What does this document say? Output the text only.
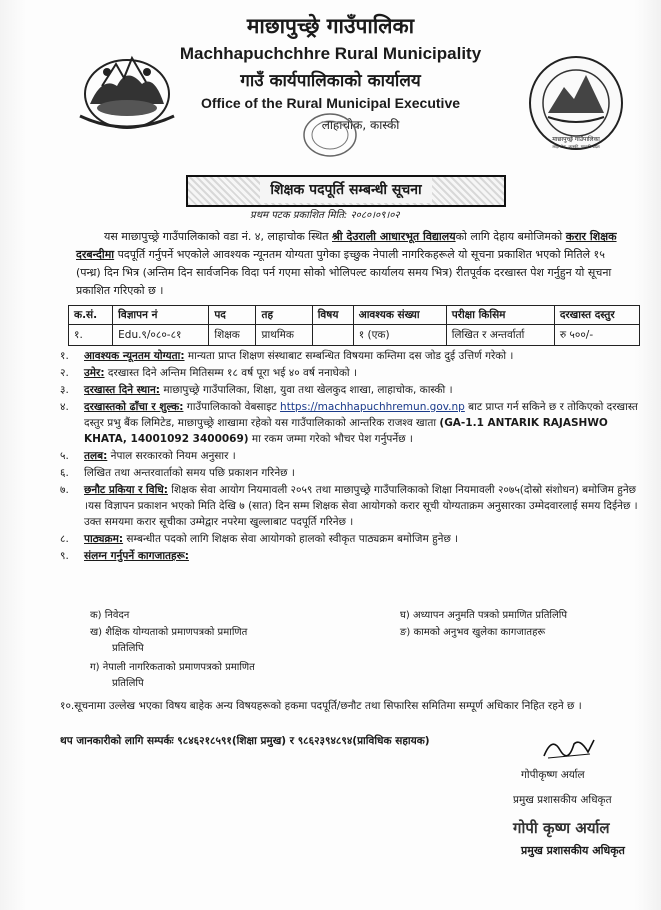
माछापुच्छ्रे गाउँपालिका
लाहाचोक, कास्की, गण्डकी प्रदेश
माछापुच्छ्रे गाउँपालिका
Machhapuchchhre Rural Municipality
गाउँ कार्यपालिकाको कार्यालय
Office of the Rural Municipal Executive
लाहाचोक, कास्की
शिक्षक पदपूर्ति सम्बन्धी सूचना
प्रथम पटक प्रकाशित मिति: २०८०।०९।०२
यस माछापुच्छ्रे गाउँपालिकाको वडा नं. ४, लाहाचोक स्थित श्री देउराली आधारभूत विद्यालयको लागि देहाय बमोजिमको करार शिक्षक दरबन्दीमा पदपूर्ति गर्नुपर्ने भएकोले आवश्यक न्यूनतम योग्यता पुगेका इच्छुक नेपाली नागरिकहरूले यो सूचना प्रकाशित भएको मितिले १५ (पन्ध्र) दिन भित्र (अन्तिम दिन सार्वजनिक विदा पर्न गएमा सोको भोलिपल्ट कार्यालय समय भित्र) रीतपूर्वक दरखास्त पेश गर्नुहुन यो सूचना प्रकाशित गरिएको छ ।
क.सं.	विज्ञापन नं	पद	तह	विषय	आवश्यक संख्या	परीक्षा किसिम	दरखास्त दस्तुर
१.	Edu.९/०८०-८१	शिक्षक	प्राथमिक		१ (एक)	लिखित र अन्तर्वार्ता	रु ५००/-
१. आवश्यक न्यूनतम योग्यता: मान्यता प्राप्त शिक्षण संस्थाबाट सम्बन्धित विषयमा कम्तिमा दस जोड दुई उत्तिर्ण गरेको ।
२. उमेर: दरखास्त दिने अन्तिम मितिसम्म १८ वर्ष पूरा भई ४० वर्ष ननाघेको ।
३. दरखास्त दिने स्थान: माछापुच्छ्रे गाउँपालिका, शिक्षा, युवा तथा खेलकुद शाखा, लाहाचोक, कास्की ।
४. दरखास्तको ढाँचा र शुल्क: गाउँपालिकाको वेबसाइट https://machhapuchhremun.gov.np बाट प्राप्त गर्न सकिने छ र तोकिएको दरखास्त दस्तुर प्रभु बैंक लिमिटेड, माछापुच्छ्रे शाखामा रहेको यस गाउँपालिकाको आन्तरिक राजश्व खाता (GA-1.1 ANTARIK RAJASHWO KHATA, 14001092 3400069) मा रकम जम्मा गरेको भौचर पेश गर्नुपर्नेछ ।
५. तलब: नेपाल सरकारको नियम अनुसार ।
६. लिखित तथा अन्तरवार्ताको समय पछि प्रकाशन गरिनेछ ।
७. छनौट प्रकिया र विधि: शिक्षक सेवा आयोग नियमावली २०५९ तथा माछापुच्छ्रे गाउँपालिकाको शिक्षा नियमावली २०७५(दोस्रो संशोधन) बमोजिम हुनेछ ।यस विज्ञापन प्रकाशन भएको मिति देखि ७ (सात) दिन सम्म शिक्षक सेवा आयोगको करार सूची योग्यताक्रम अनुसारका उम्मेदवारलाई समय दिईनेछ । उक्त समयमा करार सूचीका उम्मेद्वार नपरेमा खुल्लाबाट पदपूर्ति गरिनेछ ।
८. पाठ्यक्रम: सम्बन्धीत पदको लागि शिक्षक सेवा आयोगको हालको स्वीकृत पाठ्यक्रम बमोजिम हुनेछ ।
९. संलग्न गर्नुपर्ने कागजातहरू:
क) निवेदन
ख) शैक्षिक योग्यताको प्रमाणपत्रको प्रमाणित
प्रतिलिपि
ग) नेपाली नागरिकताको प्रमाणपत्रको प्रमाणित
प्रतिलिपि
घ) अध्यापन अनुमति पत्रको प्रमाणित प्रतिलिपि
ङ) कामको अनुभव खुलेका कागजातहरू
१०.सूचनामा उल्लेख भएका विषय बाहेक अन्य विषयहरूको हकमा पदपूर्ति/छनौट तथा सिफारिस समितिमा सम्पूर्ण अधिकार निहित रहने छ ।
थप जानकारीको लागि सम्पर्कः ९८४६२१८५९१(शिक्षा प्रमुख) र ९८६२३९४८९४(प्राविधिक सहायक)
गोपीकृष्ण अर्याल
प्रमुख प्रशासकीय अधिकृत
गोपी कृष्ण अर्याल
प्रमुख प्रशासकीय अधिकृत
